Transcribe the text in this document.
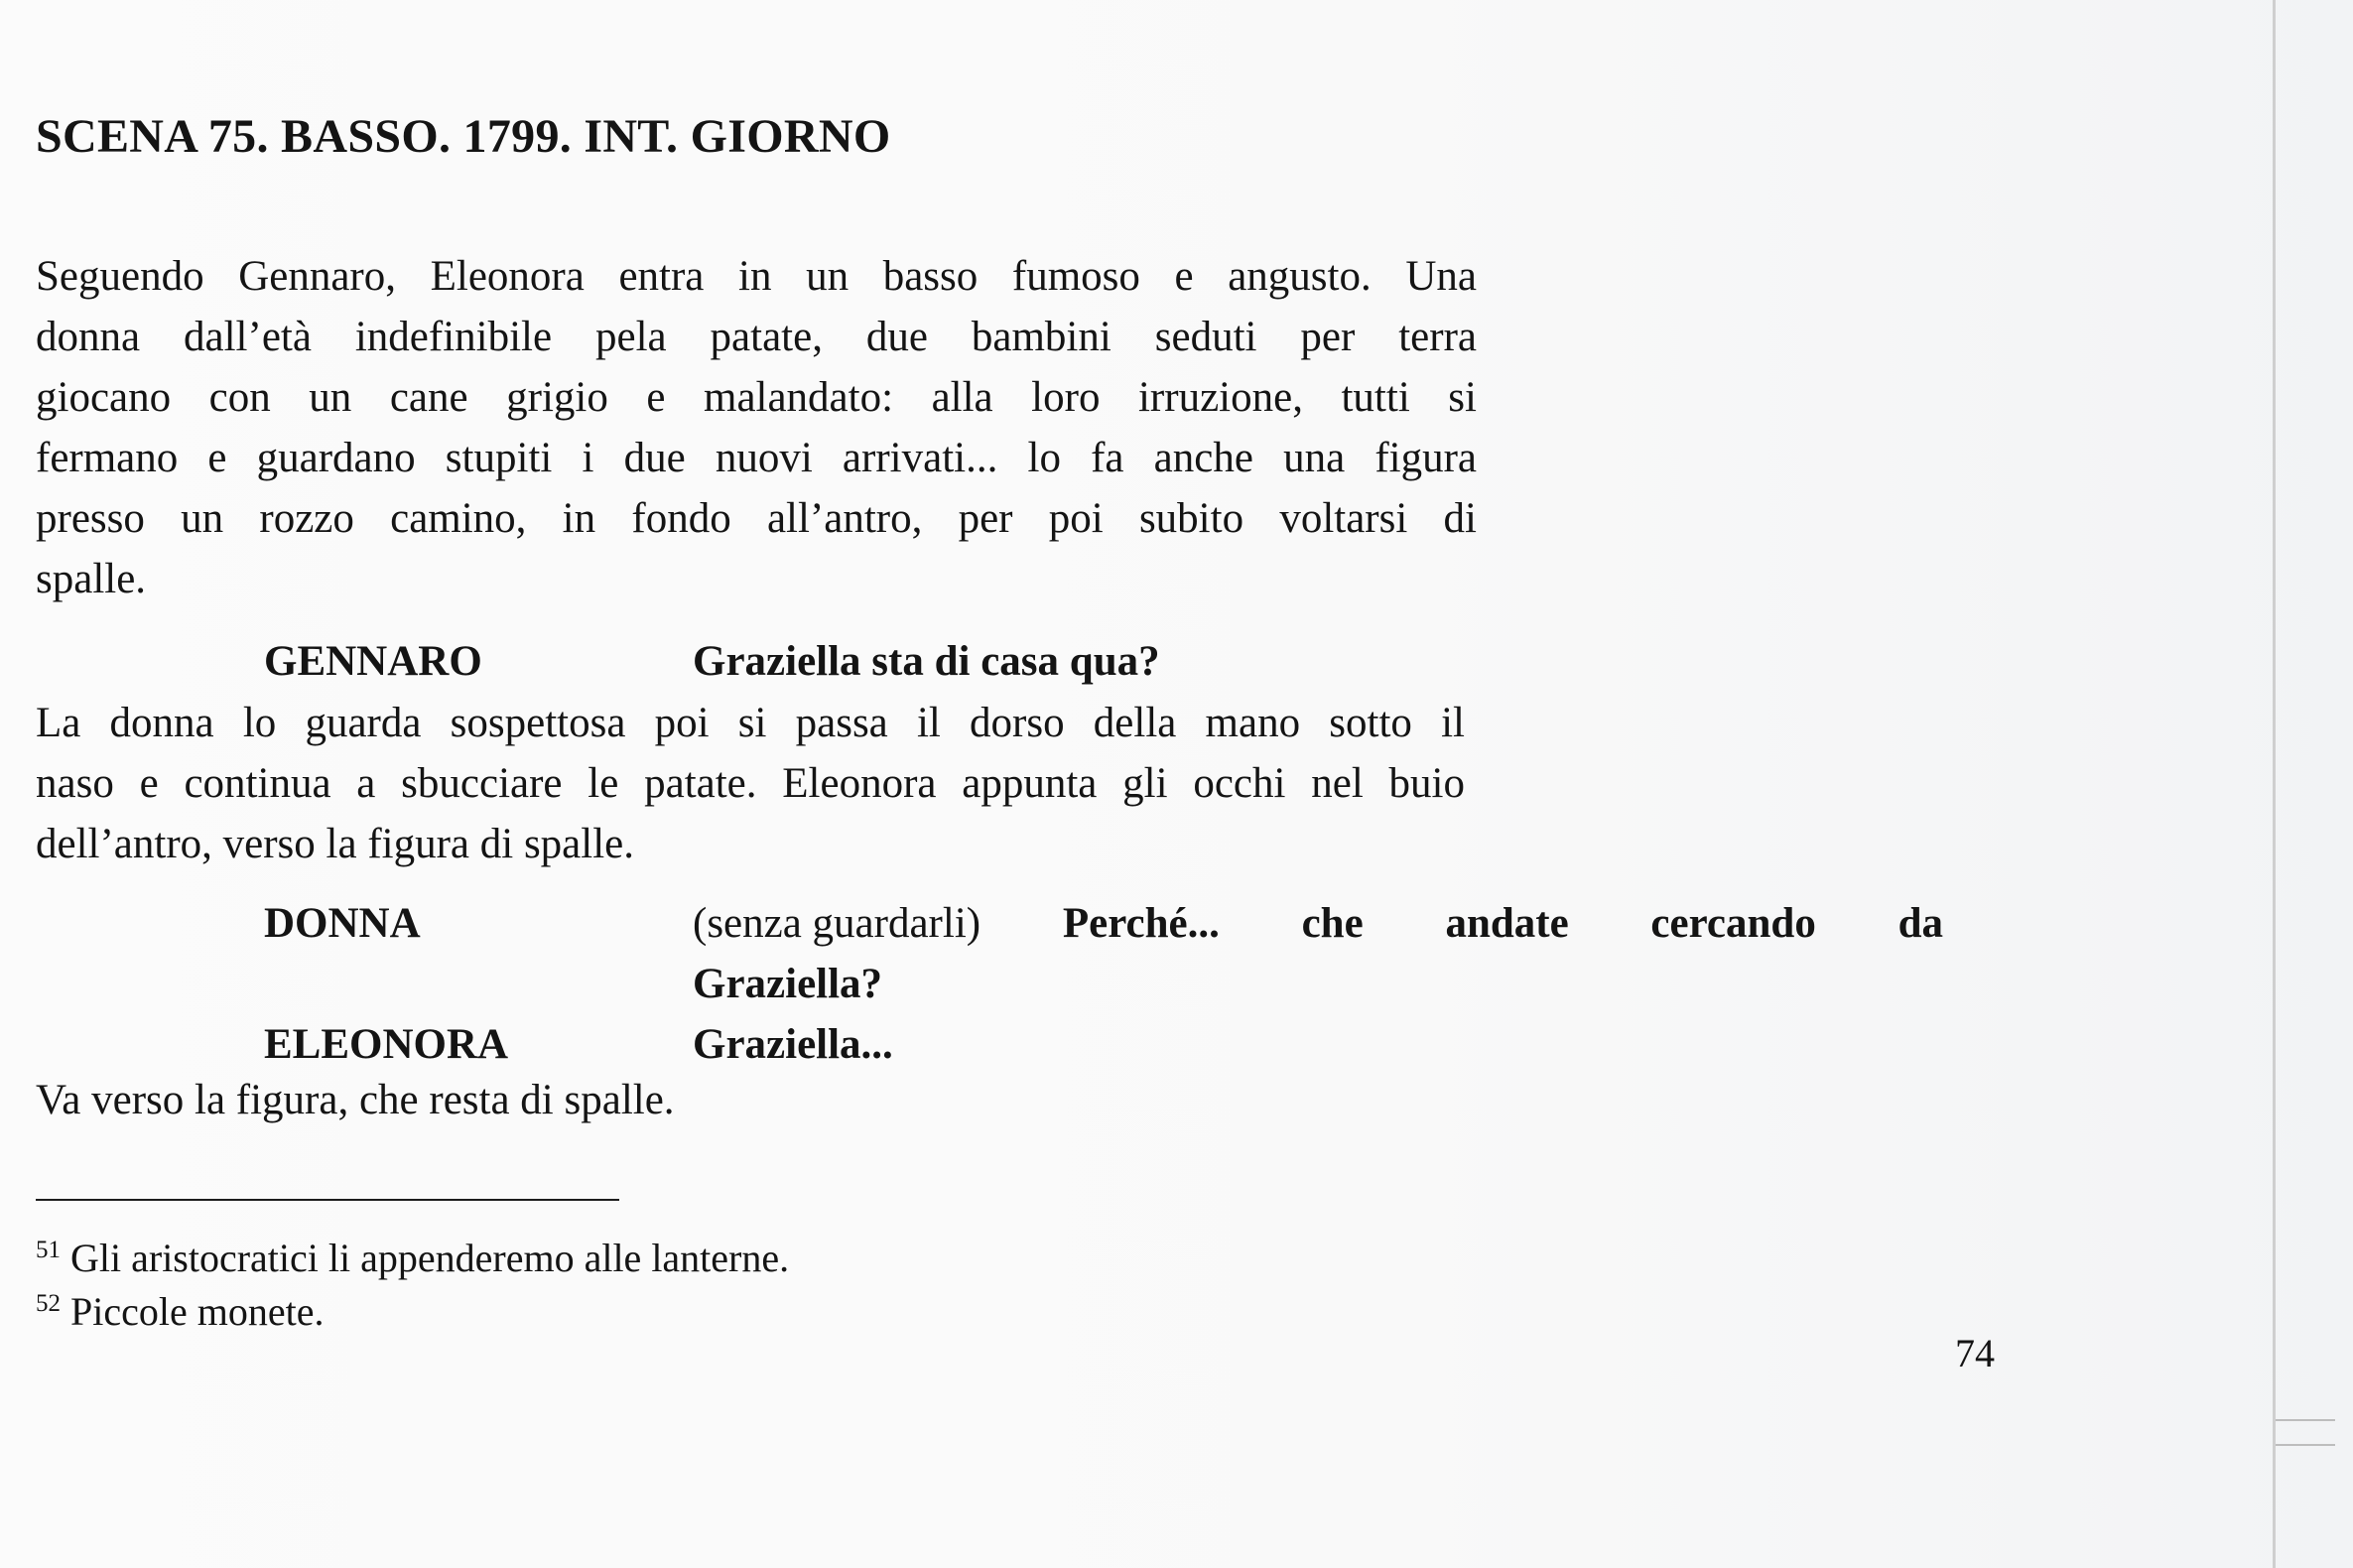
SCENA 75. BASSO. 1799. INT. GIORNO
Seguendo Gennaro, Eleonora entra in un basso fumoso e angusto. Una
donna dall’età indefinibile pela patate, due bambini seduti per terra
giocano con un cane grigio e malandato: alla loro irruzione, tutti si
fermano e guardano stupiti i due nuovi arrivati... lo fa anche una figura
presso un rozzo camino, in fondo all’antro, per poi subito voltarsi di
spalle.
GENNARO	Graziella sta di casa qua?
La donna lo guarda sospettosa poi si passa il dorso della mano sotto il
naso e continua a sbucciare le patate. Eleonora appunta gli occhi nel buio
dell’antro, verso la figura di spalle.
DONNA	(senza guardarli) Perché... che andate cercando da
Graziella?
ELEONORA	Graziella...
Va verso la figura, che resta di spalle.
$^{51}$ Gli aristocratici li appenderemo alle lanterne.
$^{52}$ Piccole monete.
74
